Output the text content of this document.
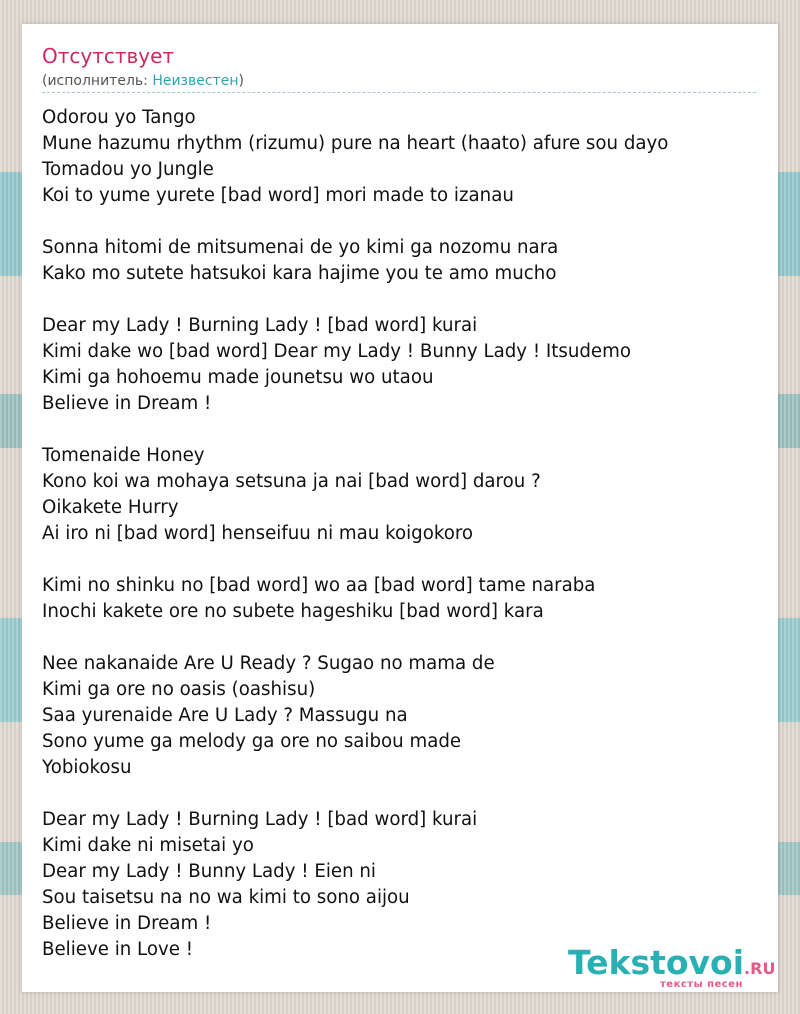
Отсутствует

(исполнитель: Неизвестен)

Odorou yo Tango
Mune hazumu rhythm (rizumu) pure na heart (haato) afure sou dayo
Tomadou yo Jungle
Koi to yume yurete [bad word] mori made to izanau
Sonna hitomi de mitsumenai de yo kimi ga nozomu nara
Kako mo sutete hatsukoi kara hajime you te amo mucho
Dear my Lady ! Burning Lady ! [bad word] kurai
Kimi dake wo [bad word] Dear my Lady ! Bunny Lady ! Itsudemo
Kimi ga hohoemu made jounetsu wo utaou
Believe in Dream !
Tomenaide Honey
Kono koi wa mohaya setsuna ja nai [bad word] darou ?
Oikakete Hurry
Ai iro ni [bad word] henseifuu ni mau koigokoro
Kimi no shinku no [bad word] wo aa [bad word] tame naraba
Inochi kakete ore no subete hageshiku [bad word] kara
Nee nakanaide Are U Ready ? Sugao no mama de
Kimi ga ore no oasis (oashisu)
Saa yurenaide Are U Lady ? Massugu na
Sono yume ga melody ga ore no saibou made
Yobiokosu
Dear my Lady ! Burning Lady ! [bad word] kurai
Kimi dake ni misetai yo
Dear my Lady ! Bunny Lady ! Eien ni
Sou taisetsu na no wa kimi to sono aijou
Believe in Dream !
Believe in Love !	Tekstovoi.RU
тексты песен
